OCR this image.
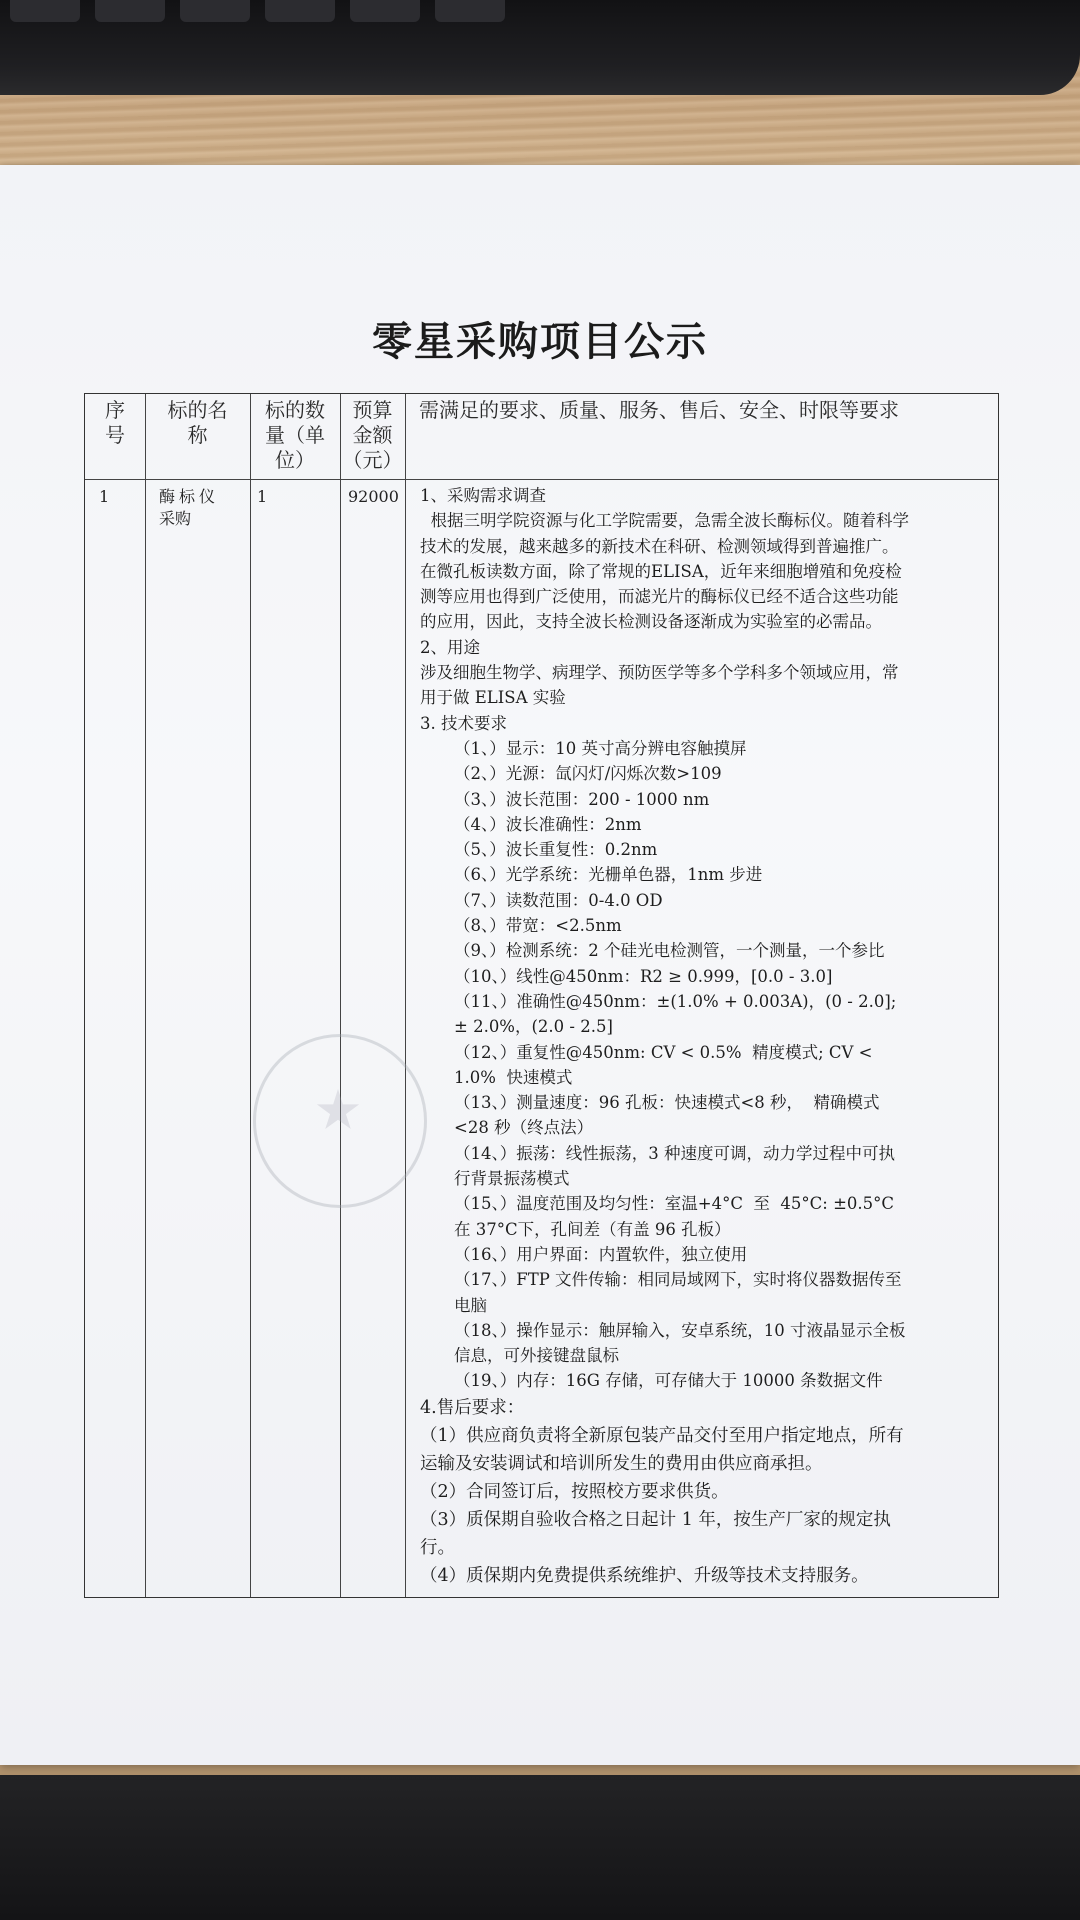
零星采购项目公示
序
号
标的名
称
标的数
量（单
位）
预算
金额
（元）
需满足的要求、质量、服务、售后、安全、时限等要求
1	酶标仪
采购
1	92000 1、采购需求调查

根据三明学院资源与化工学院需要，急需全波长酶标仪。随着科学技术的发展，越来越多的新技术在科研、检测领域得到普遍推广。在微孔板读数方面，除了常规的ELISA，近年来细胞增殖和免疫检测等应用也得到广泛使用，而滤光片的酶标仪已经不适合这些功能的应用，因此，支持全波长检测设备逐渐成为实验室的必需品。

2、用途

涉及细胞生物学、病理学、预防医学等多个学科多个领域应用，常用于做 ELISA 实验

3. 技术要求

（1、）显示：10 英寸高分辨电容触摸屏

（2、）光源：氙闪灯/闪烁次数>109

（3、）波长范围：200 - 1000 nm

（4、）波长准确性：2nm

（5、）波长重复性：0.2nm

（6、）光学系统：光栅单色器，1nm 步进

（7、）读数范围：0-4.0 OD

（8、）带宽：<2.5nm

（9、）检测系统：2 个硅光电检测管，一个测量，一个参比

（10、）线性@450nm：R2 ≥ 0.999，[0.0 - 3.0]

（11、）准确性@450nm：±(1.0% + 0.003A)，(0 - 2.0];± 2.0%，(2.0 - 2.5]

（12、）重复性@450nm: CV < 0.5%  精度模式; CV < 1.0%  快速模式

（13、）测量速度：96 孔板：快速模式<8 秒，  精确模式<28 秒（终点法）

（14、）振荡：线性振荡，3 种速度可调，动力学过程中可执行背景振荡模式

（15、）温度范围及均匀性：室温+4°C  至  45°C: ±0.5°C在 37°C下，孔间差（有盖 96 孔板）

（16、）用户界面：内置软件，独立使用

（17、）FTP 文件传输：相同局域网下，实时将仪器数据传至电脑

（18、）操作显示：触屏输入，安卓系统，10 寸液晶显示全板信息，可外接键盘鼠标

（19、）内存：16G 存储，可存储大于 10000 条数据文件

4.售后要求：

（1）供应商负责将全新原包装产品交付至用户指定地点，所有运输及安装调试和培训所发生的费用由供应商承担。

（2）合同签订后，按照校方要求供货。

（3）质保期自验收合格之日起计 1 年，按生产厂家的规定执行。

（4）质保期内免费提供系统维护、升级等技术支持服务。
